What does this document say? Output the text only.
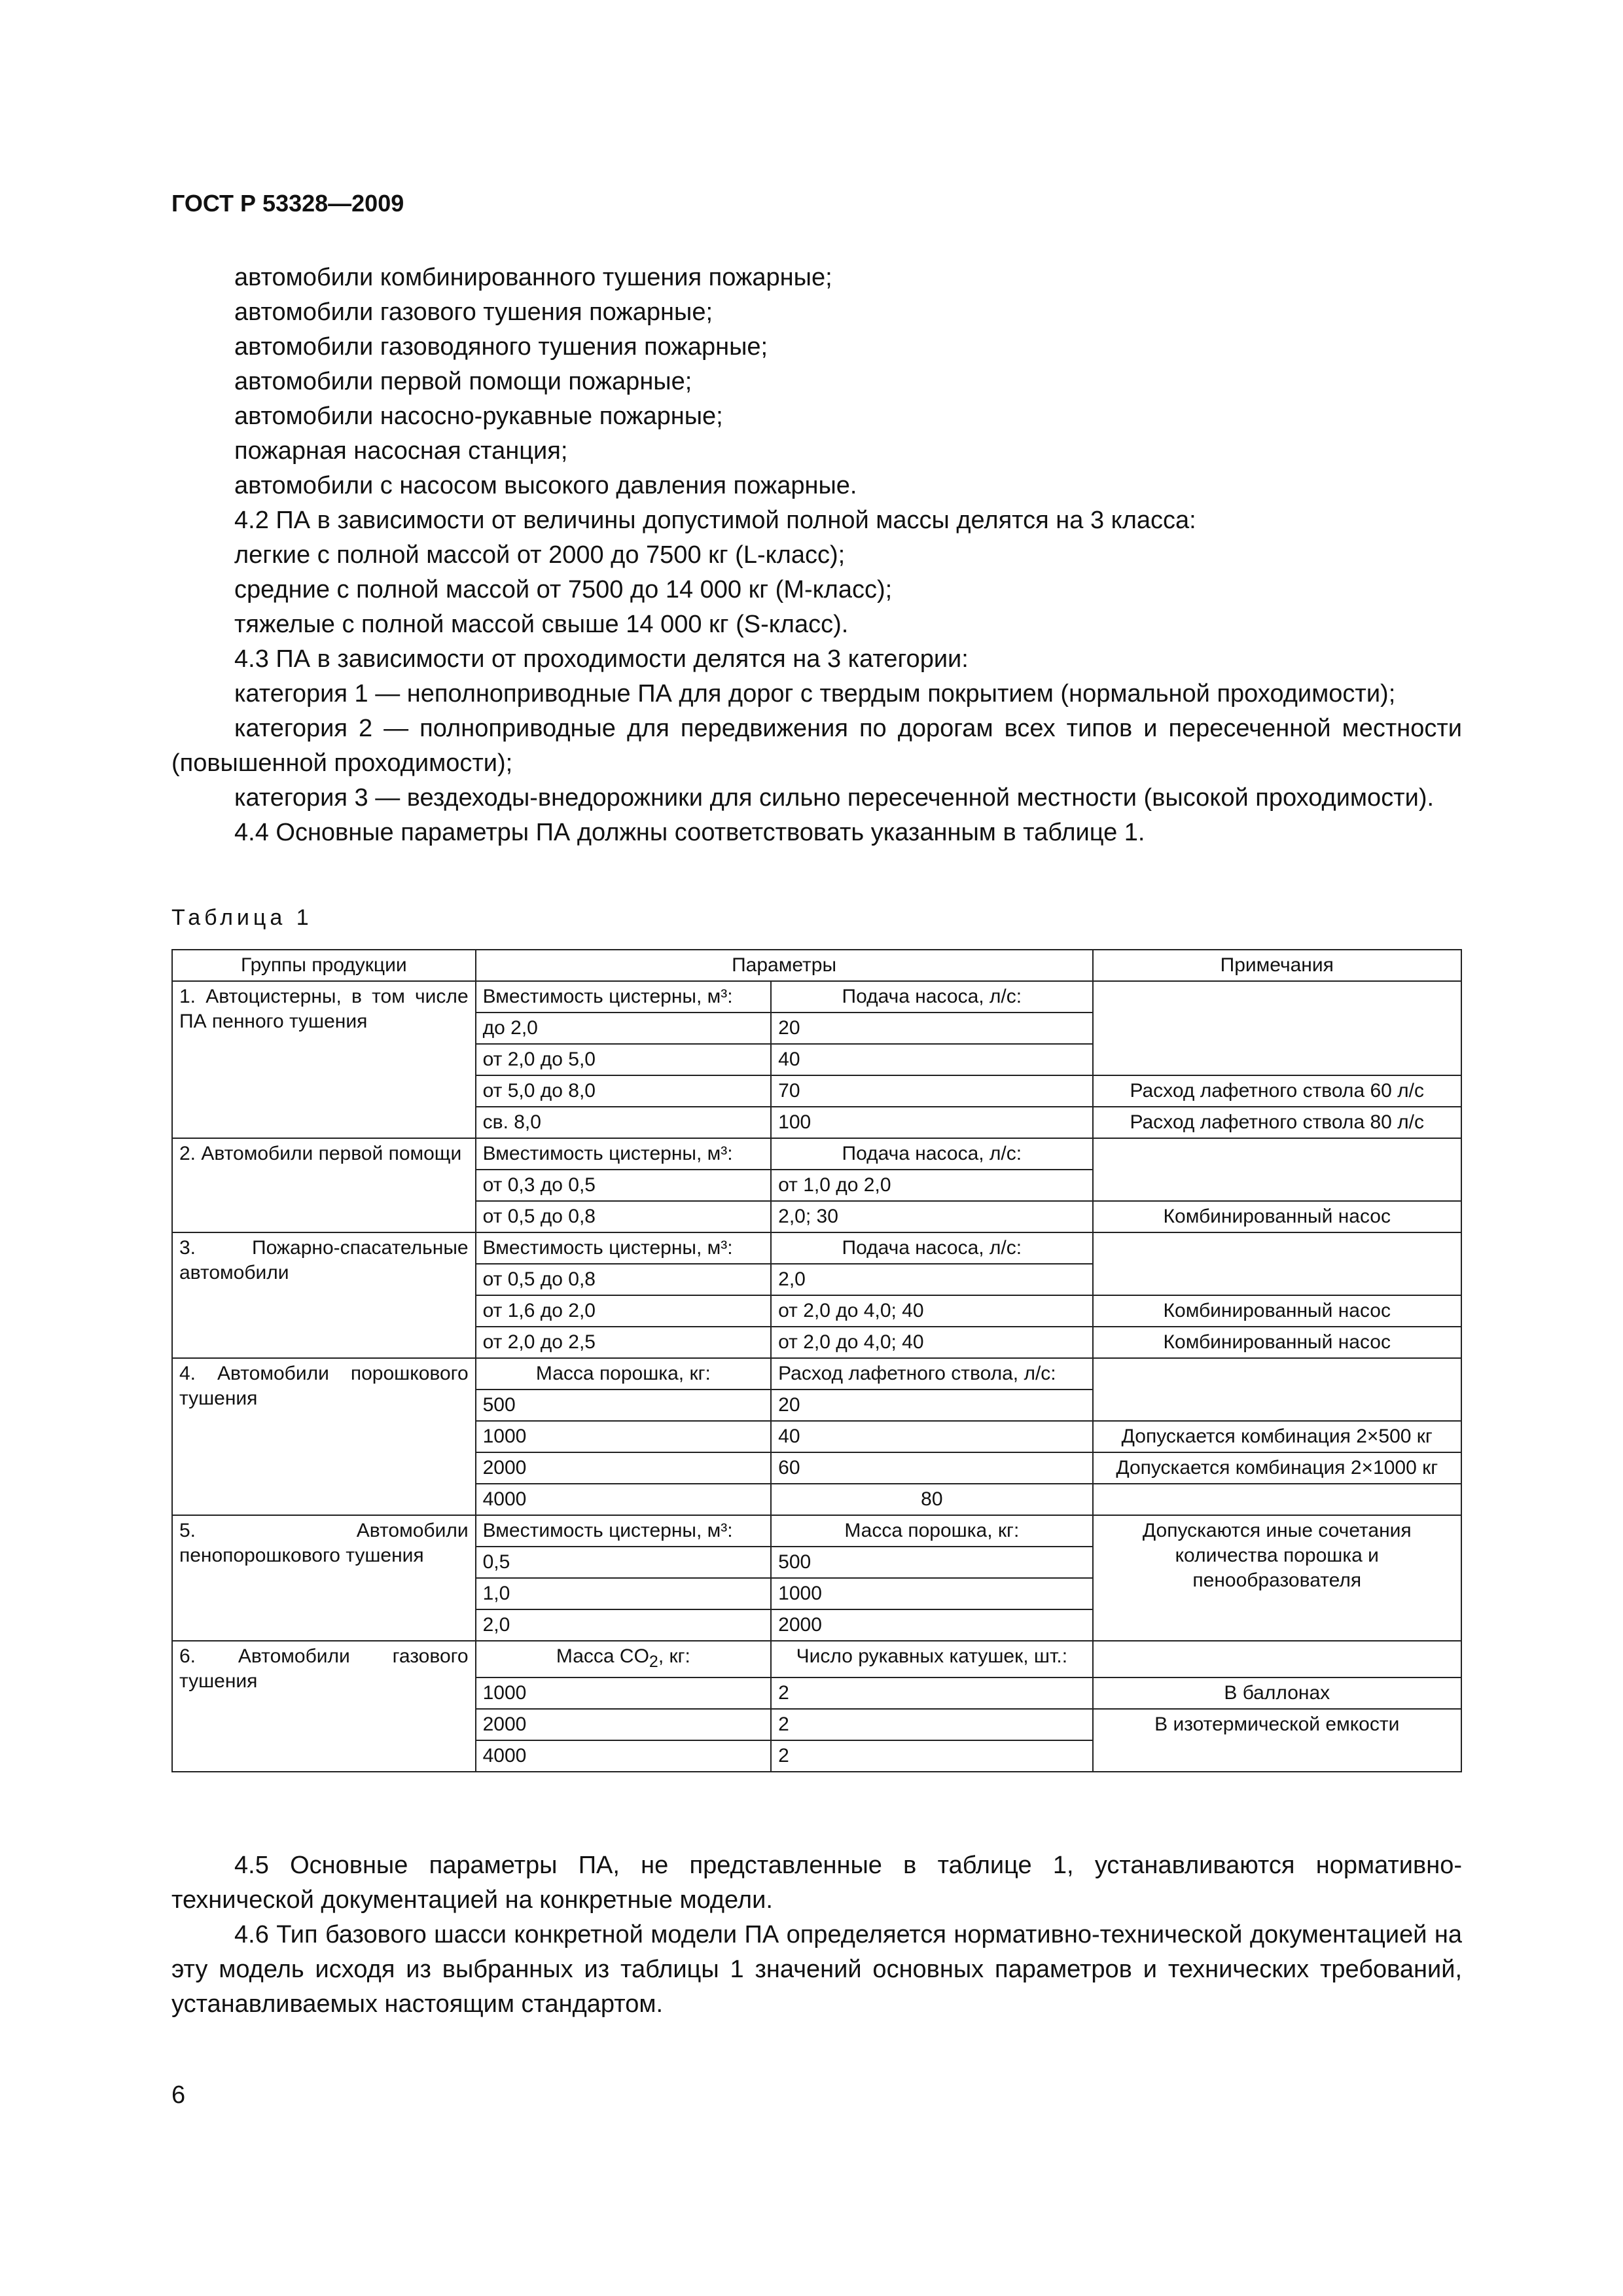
ГОСТ Р 53328—2009

автомобили комбинированного тушения пожарные;

автомобили газового тушения пожарные;

автомобили газоводяного тушения пожарные;

автомобили первой помощи пожарные;

автомобили насосно-рукавные пожарные;

пожарная насосная станция;

автомобили с насосом высокого давления пожарные.

4.2 ПА в зависимости от величины допустимой полной массы делятся на 3 класса:

легкие с полной массой от 2000 до 7500 кг (L-класс);

средние с полной массой от 7500 до 14 000 кг (M-класс);

тяжелые с полной массой свыше 14 000 кг (S-класс).

4.3 ПА в зависимости от проходимости делятся на 3 категории:

категория 1 — неполноприводные ПА для дорог с твердым покрытием (нормальной проходимости);

категория 2 — полноприводные для передвижения по дорогам всех типов и пересеченной местности (повышенной проходимости);

категория 3 — вездеходы-внедорожники для сильно пересеченной местности (высокой проходимости).

4.4 Основные параметры ПА должны соответствовать указанным в таблице 1.

Таблица 1
Группы продукции	Параметры		Примечания
1. Автоцистерны, в том числе ПА пенного тушения	Вместимость цистерны, м³:	Подача насоса, л/с:	
	до 2,0	20	
	от 2,0 до 5,0	40	
	от 5,0 до 8,0	70	Расход лафетного ствола 60 л/с
	св. 8,0	100	Расход лафетного ствола 80 л/с
2. Автомобили первой помощи	Вместимость цистерны, м³:	Подача насоса, л/с:	
	от 0,3 до 0,5	от 1,0 до 2,0	
	от 0,5 до 0,8	2,0; 30	Комбинированный насос
3. Пожарно-спасательные автомобили	Вместимость цистерны, м³:	Подача насоса, л/с:	
	от 0,5 до 0,8	2,0	
	от 1,6 до 2,0	от 2,0 до 4,0; 40	Комбинированный насос
	от 2,0 до 2,5	от 2,0 до 4,0; 40	Комбинированный насос
4. Автомобили порошкового тушения	Масса порошка, кг:	Расход лафетного ствола, л/с:	
	500	20	
	1000	40	Допускается комбинация 2×500 кг
	2000	60	Допускается комбинация 2×1000 кг
	4000	80	
5. Автомобили пенопорошкового тушения	Вместимость цистерны, м³:	Масса порошка, кг:	Допускаются иные сочетания количества порошка и пенообразователя
	0,5	500	
	1,0	1000	
	2,0	2000	
6. Автомобили газового тушения	Масса $CO_2$, кг:	Число рукавных катушек, шт.:	
	1000	2	В баллонах
	2000	2	В изотермической емкости
	4000	2	

4.5 Основные параметры ПА, не представленные в таблице 1, устанавливаются нормативно-технической документацией на конкретные модели.

4.6 Тип базового шасси конкретной модели ПА определяется нормативно-технической документацией на эту модель исходя из выбранных из таблицы 1 значений основных параметров и технических требований, устанавливаемых настоящим стандартом.

6
